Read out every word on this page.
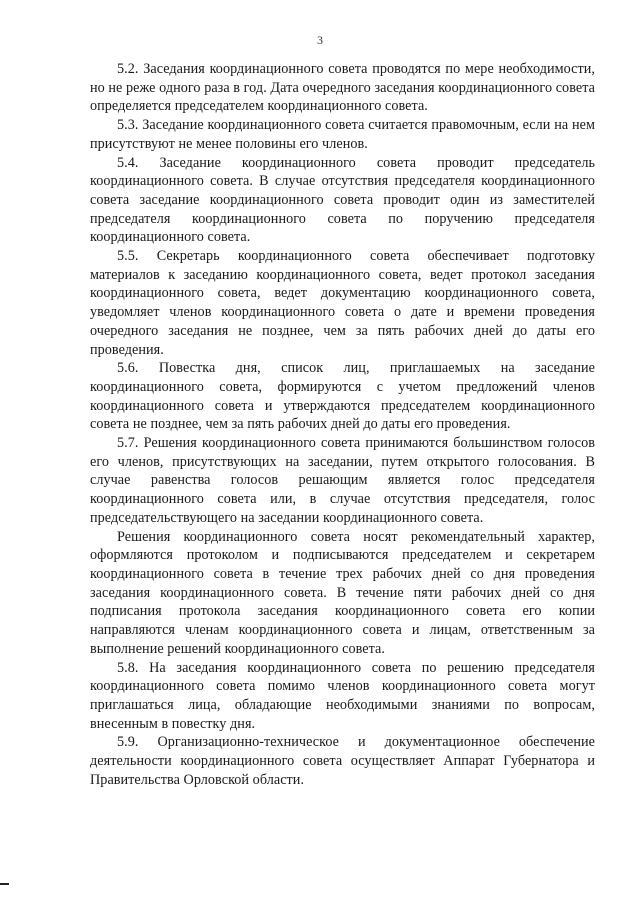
3

5.2. Заседания координационного совета проводятся по мере необходимости, но не реже одного раза в год. Дата очередного заседания координационного совета определяется председателем координационного совета.

5.3. Заседание координационного совета считается правомочным, если на нем присутствуют не менее половины его членов.

5.4. Заседание координационного совета проводит председатель координационного совета. В случае отсутствия председателя координационного совета заседание координационного совета проводит один из заместителей председателя координационного совета по поручению председателя координационного совета.

5.5. Секретарь координационного совета обеспечивает подготовку материалов к заседанию координационного совета, ведет протокол заседания координационного совета, ведет документацию координационного совета, уведомляет членов координационного совета о дате и времени проведения очередного заседания не позднее, чем за пять рабочих дней до даты его проведения.

5.6. Повестка дня, список лиц, приглашаемых на заседание координационного совета, формируются с учетом предложений членов координационного совета и утверждаются председателем координационного совета не позднее, чем за пять рабочих дней до даты его проведения.

5.7. Решения координационного совета принимаются большинством голосов его членов, присутствующих на заседании, путем открытого голосования. В случае равенства голосов решающим является голос председателя координационного совета или, в случае отсутствия председателя, голос председательствующего на заседании координационного совета.

Решения координационного совета носят рекомендательный характер, оформляются протоколом и подписываются председателем и секретарем координационного совета в течение трех рабочих дней со дня проведения заседания координационного совета. В течение пяти рабочих дней со дня подписания протокола заседания координационного совета его копии направляются членам координационного совета и лицам, ответственным за выполнение решений координационного совета.

5.8. На заседания координационного совета по решению председателя координационного совета помимо членов координационного совета могут приглашаться лица, обладающие необходимыми знаниями по вопросам, внесенным в повестку дня.

5.9. Организационно-техническое и документационное обеспечение деятельности координационного совета осуществляет Аппарат Губернатора и Правительства Орловской области.
